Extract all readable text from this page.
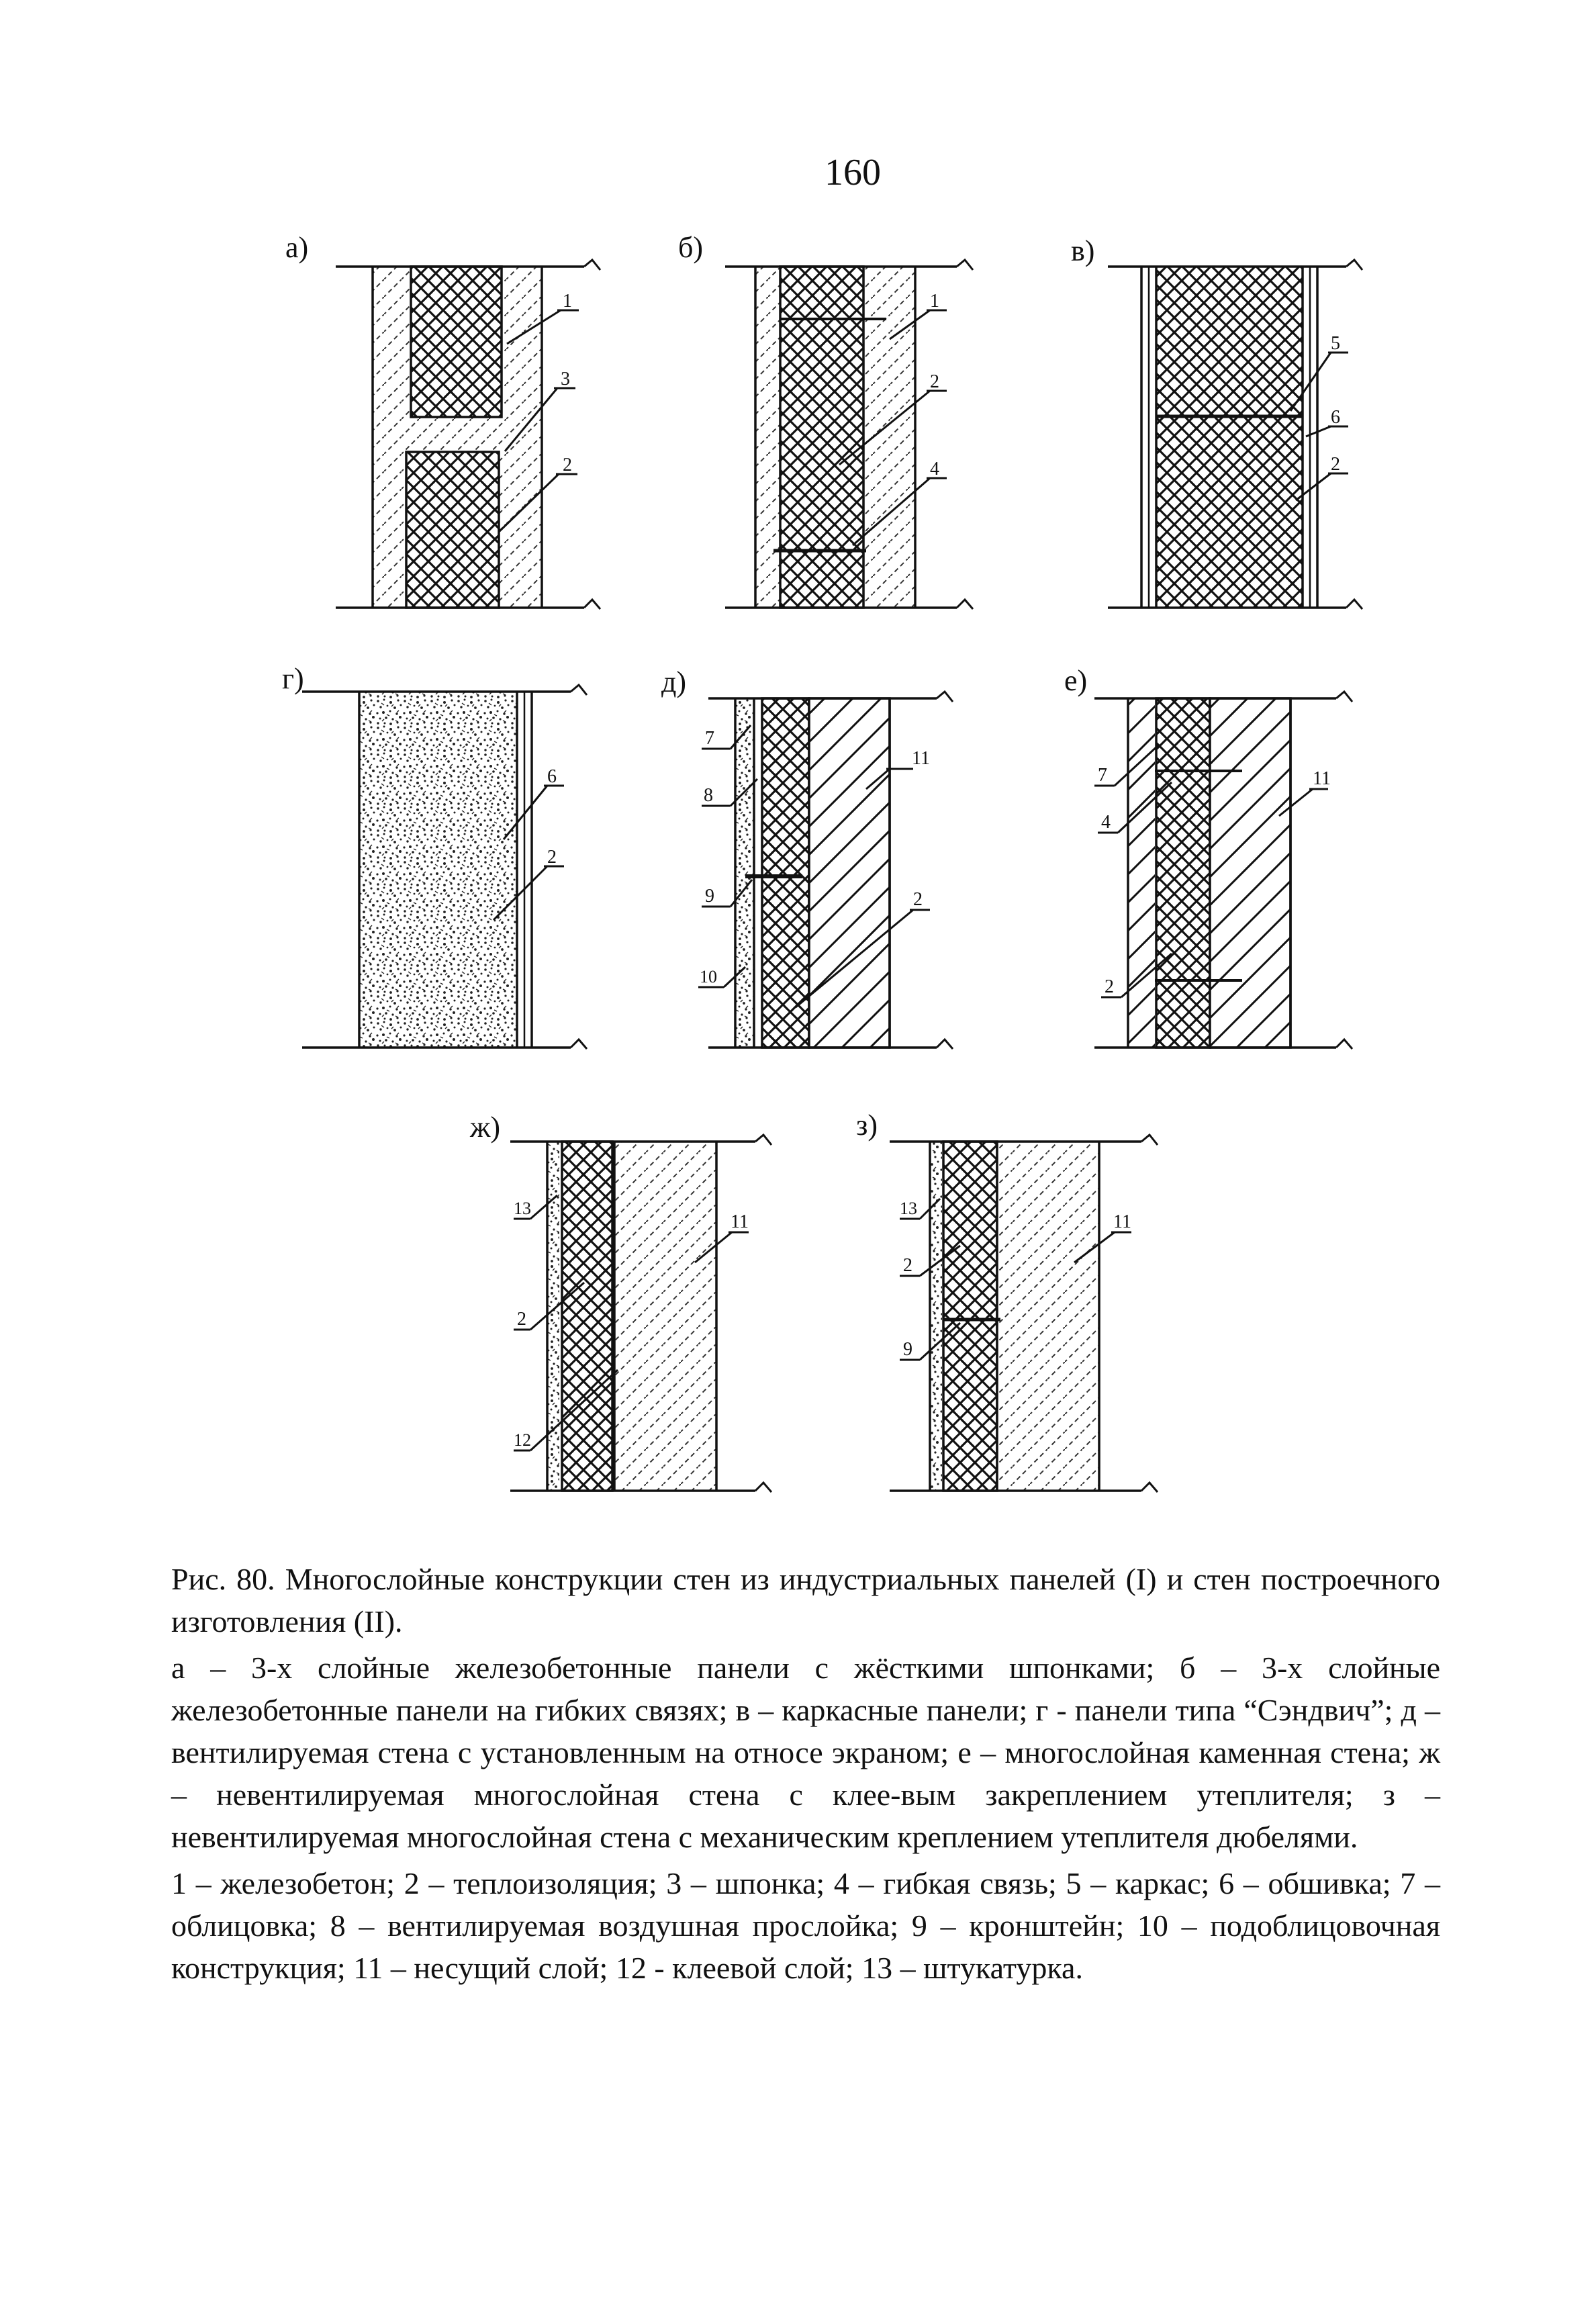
160
а)	б)	в)
г)	д)	е)
ж)	з)
1
3
2
1
2
4
5
6
2
6
2
7
8
9
10
11
2
7
4
2
11
13
2
12
11
13
2
9
11

Рис. 80. Многослойные конструкции стен из индустриальных панелей (I) и стен построечного изготовления (II).

а – 3-х слойные железобетонные панели с жёсткими шпонками; б – 3-х слойные железобетонные панели на гибких связях; в – каркасные панели; г - панели типа “Сэндвич”; д – вентилируемая стена с установленным на относе экраном; е – многослойная каменная стена; ж – невентилируемая многослойная стена с клее-вым закреплением утеплителя; з – невентилируемая многослойная стена с механическим креплением утеплителя дюбелями.

1 – железобетон; 2 – теплоизоляция; 3 – шпонка; 4 – гибкая связь; 5 – каркас; 6 – обшивка; 7 – облицовка; 8 – вентилируемая воздушная прослойка; 9 – кронштейн; 10 – подоблицовочная конструкция; 11 – несущий слой; 12 - клеевой слой; 13 – штукатурка.
